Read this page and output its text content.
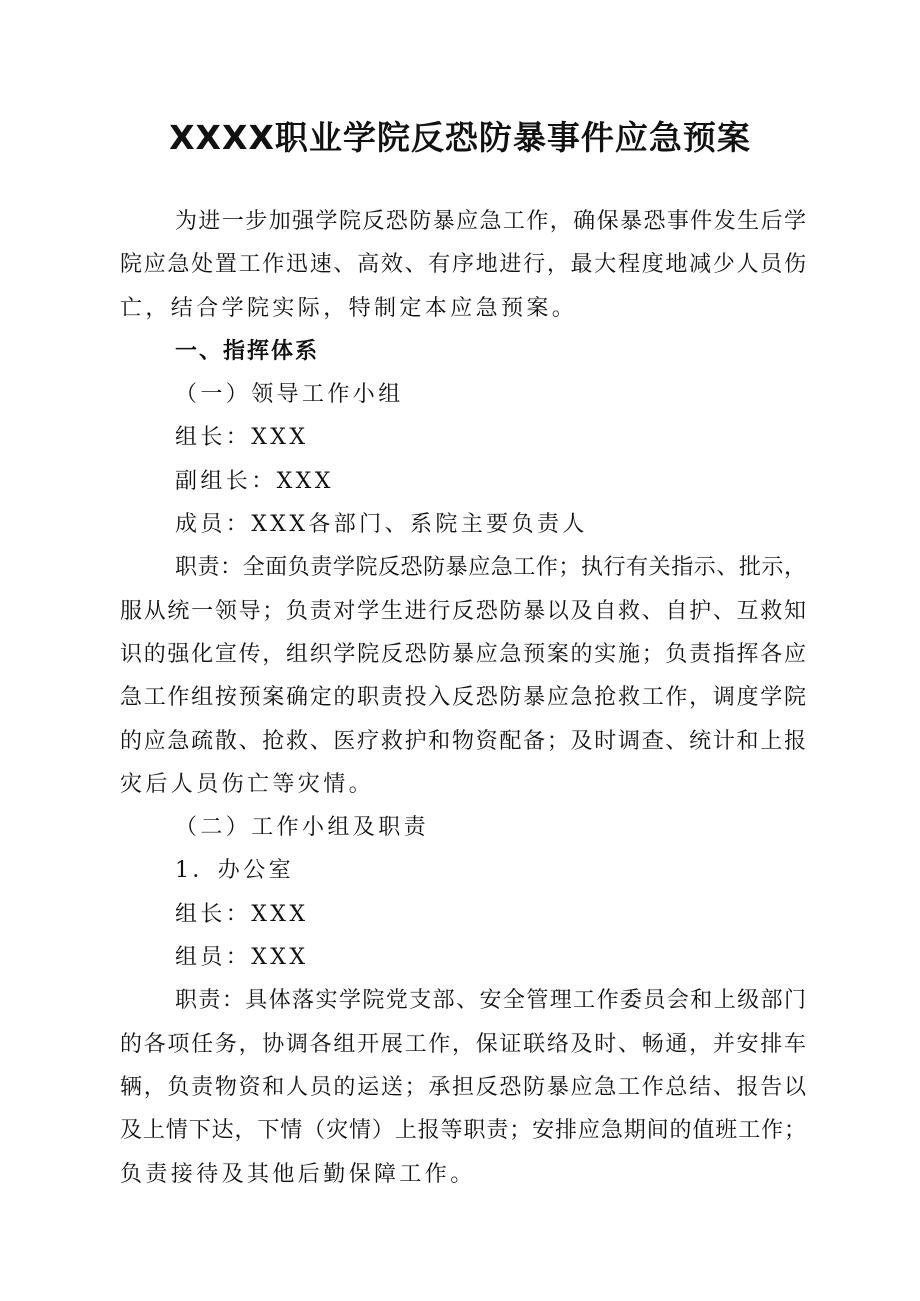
XXXX职业学院反恐防暴事件应急预案
为进一步加强学院反恐防暴应急工作，确保暴恐事件发生后学
院应急处置工作迅速、高效、有序地进行，最大程度地减少人员伤
亡，结合学院实际，特制定本应急预案。
一、指挥体系
（一）领导工作小组
组长：XXX
副组长：XXX
成员：XXX各部门、系院主要负责人
职责：全面负责学院反恐防暴应急工作；执行有关指示、批示，
服从统一领导；负责对学生进行反恐防暴以及自救、自护、互救知
识的强化宣传，组织学院反恐防暴应急预案的实施；负责指挥各应
急工作组按预案确定的职责投入反恐防暴应急抢救工作，调度学院
的应急疏散、抢救、医疗救护和物资配备；及时调查、统计和上报
灾后人员伤亡等灾情。
（二）工作小组及职责
1．办公室
组长：XXX
组员：XXX
职责：具体落实学院党支部、安全管理工作委员会和上级部门
的各项任务，协调各组开展工作，保证联络及时、畅通，并安排车
辆，负责物资和人员的运送；承担反恐防暴应急工作总结、报告以
及上情下达，下情（灾情）上报等职责；安排应急期间的值班工作；
负责接待及其他后勤保障工作。
